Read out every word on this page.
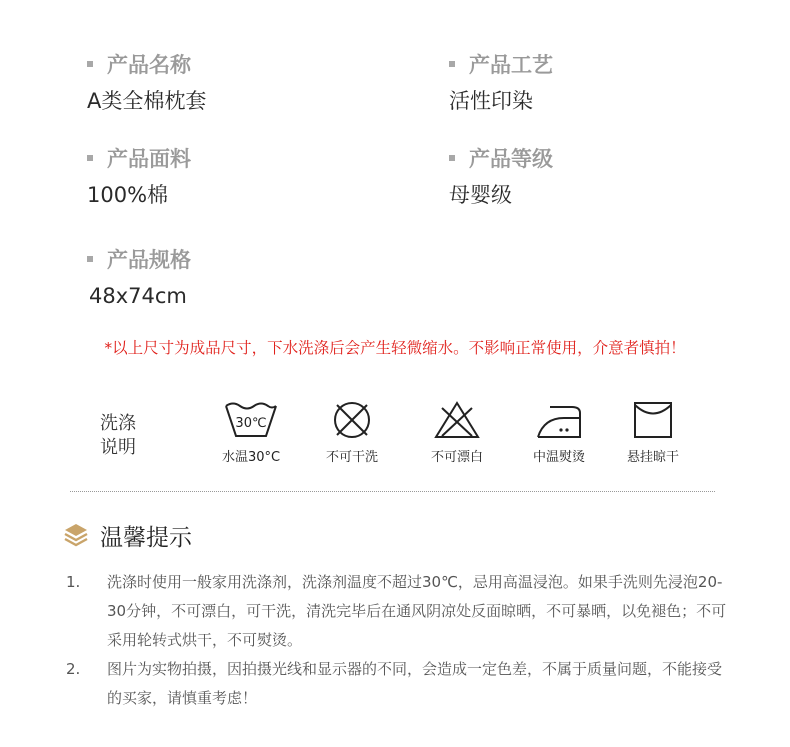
产品名称
A类全棉枕套
产品工艺
活性印染
产品面料
100%棉
产品等级
母婴级
产品规格
48x74cm
*以上尺寸为成品尺寸，下水洗涤后会产生轻微缩水。不影响正常使用，介意者慎拍！
洗涤说明
30℃
水温30°C	不可干洗	不可漂白	中温熨烫	悬挂晾干
温馨提示
1. 洗涤时使用一般家用洗涤剂，洗涤剂温度不超过30℃，忌用高温浸泡。如果手洗则先浸泡20-30分钟，不可漂白，可干洗，清洗完毕后在通风阴凉处反面晾晒，不可暴晒，以免褪色；不可采用轮转式烘干，不可熨烫。
2. 图片为实物拍摄，因拍摄光线和显示器的不同，会造成一定色差，不属于质量问题，不能接受的买家，请慎重考虑！
